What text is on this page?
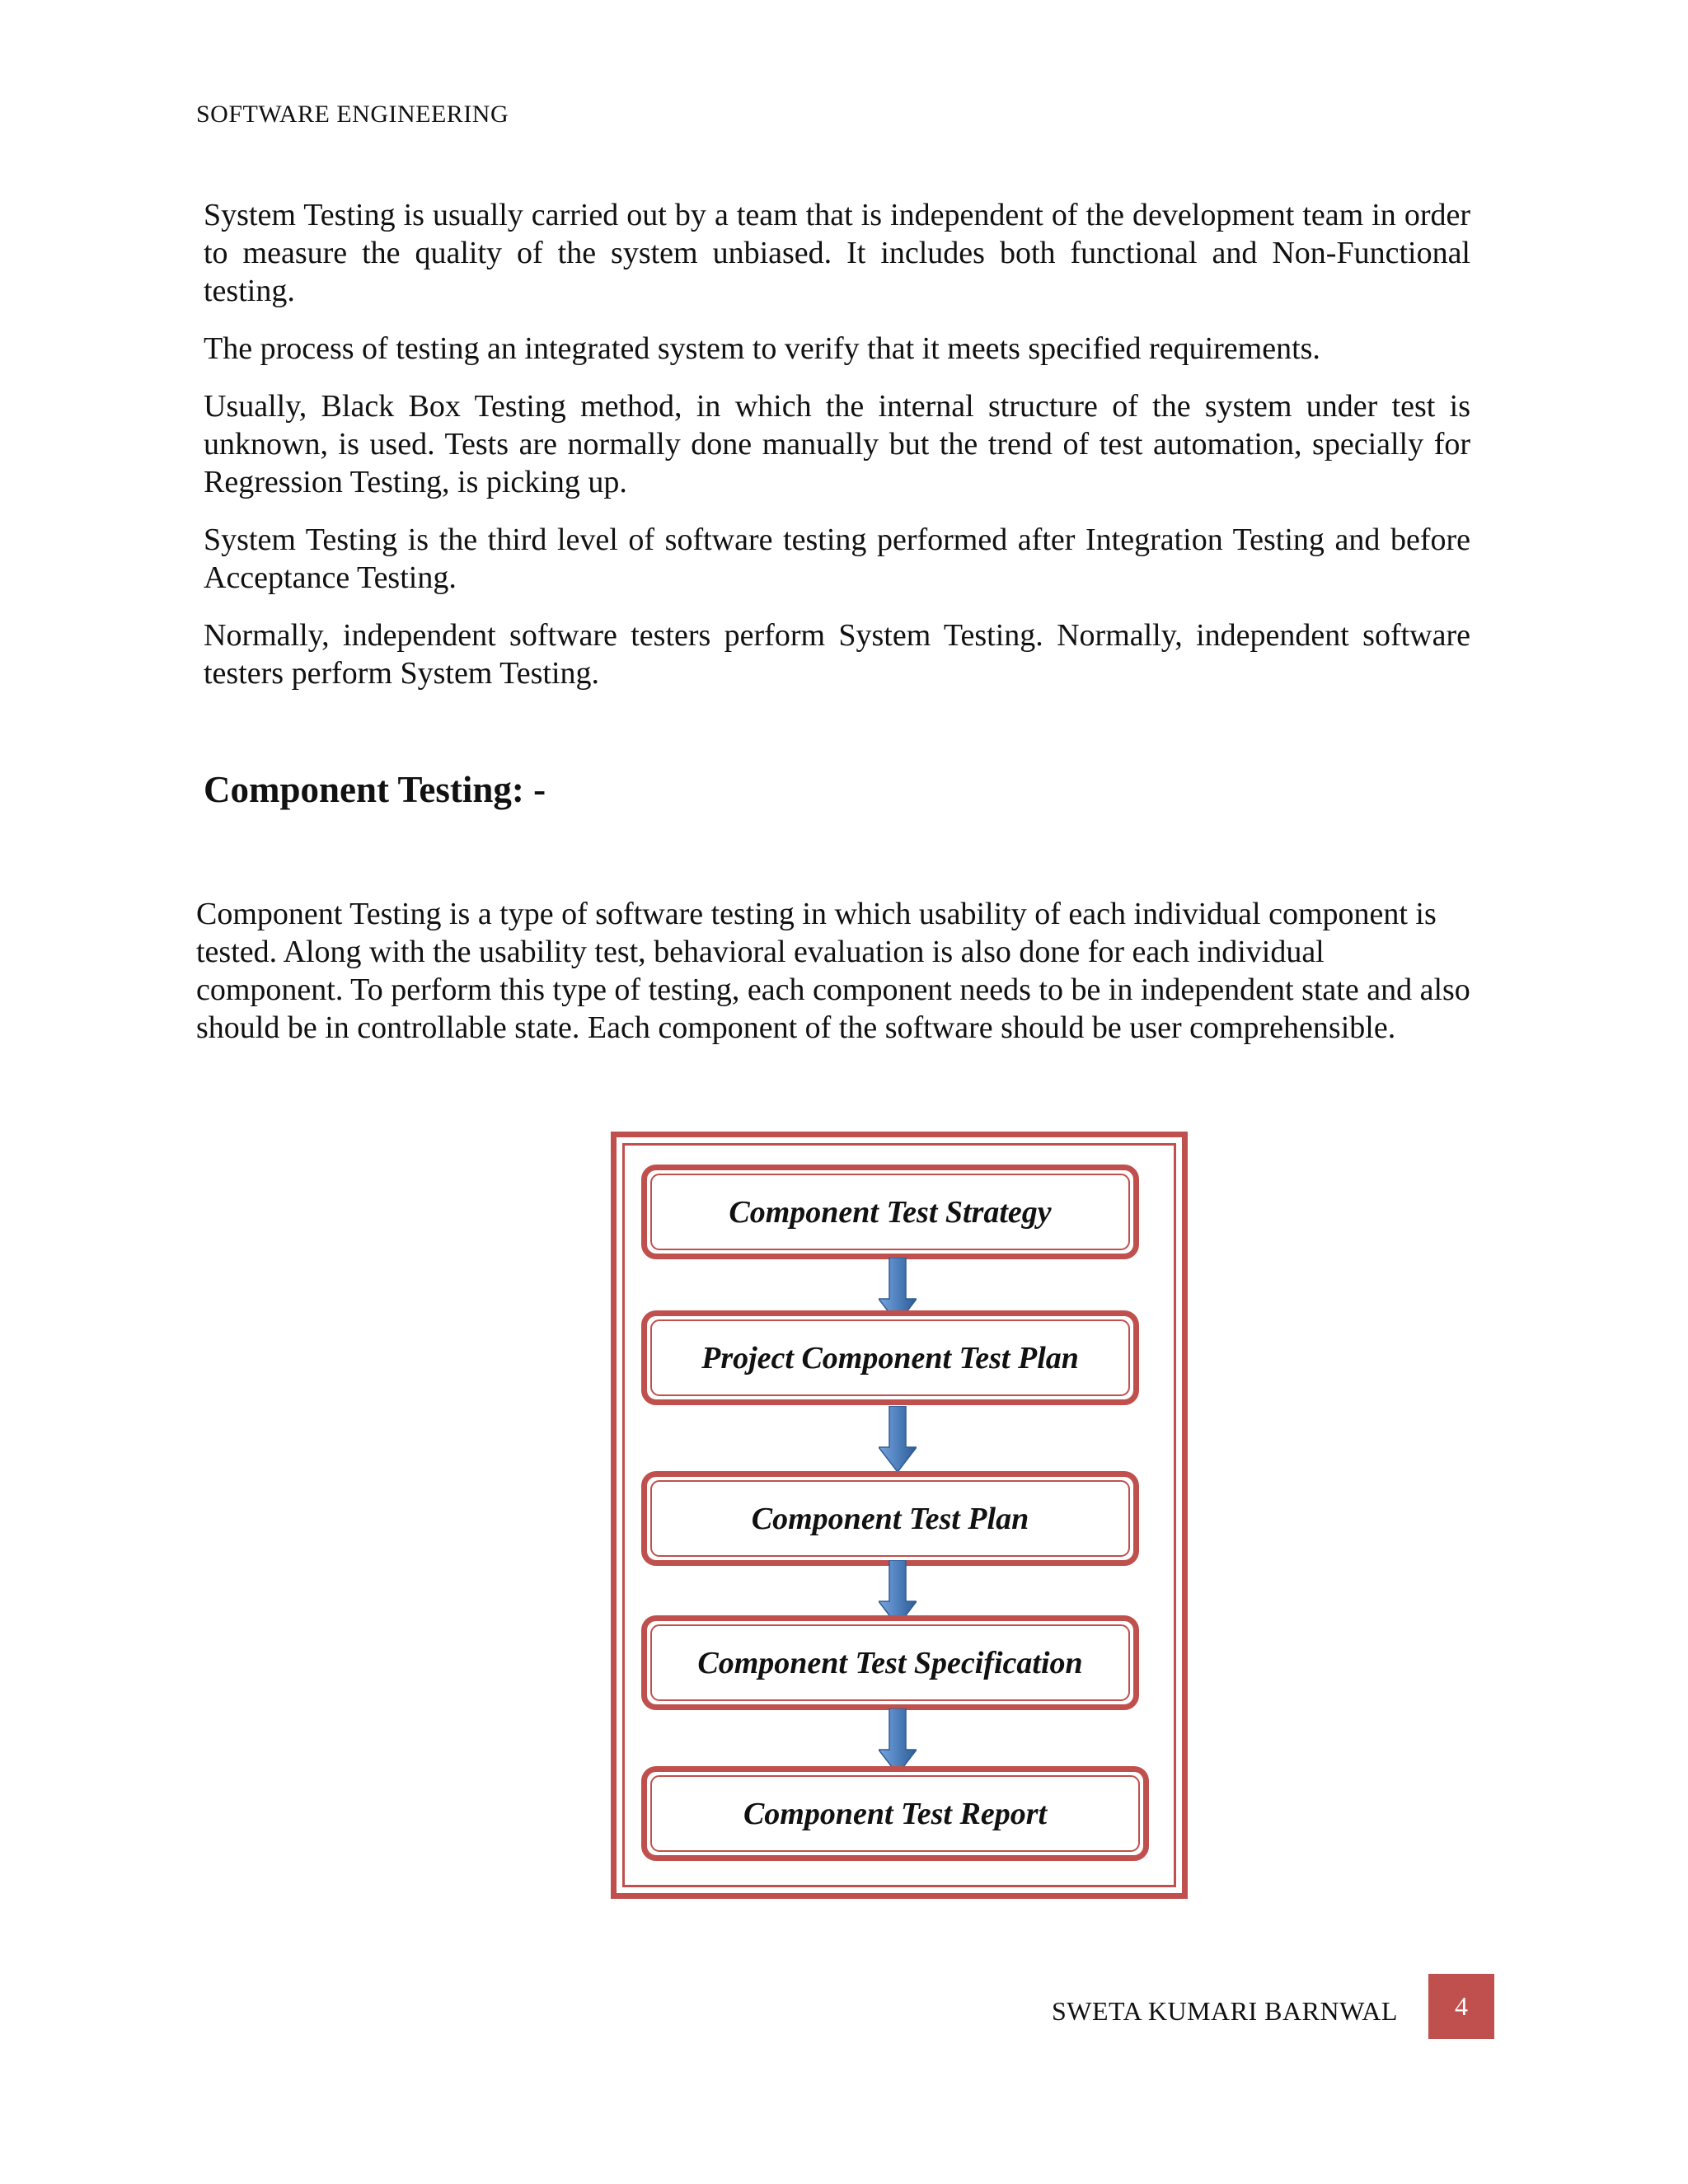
SOFTWARE ENGINEERING

System Testing is usually carried out by a team that is independent of the development team in order to measure the quality of the system unbiased. It includes both functional and Non-Functional testing.

The process of testing an integrated system to verify that it meets specified requirements.

Usually, Black Box Testing method, in which the internal structure of the system under test is unknown, is used. Tests are normally done manually but the trend of test automation, specially for Regression Testing, is picking up.

System Testing is the third level of software testing performed after Integration Testing and before Acceptance Testing.

Normally, independent software testers perform System Testing. Normally, independent software testers perform System Testing.

Component Testing: -

Component Testing is a type of software testing in which usability of each individual component is tested. Along with the usability test, behavioral evaluation is also done for each individual component. To perform this type of testing, each component needs to be in independent state and also should be in controllable state. Each component of the software should be user comprehensible.

Component Test Strategy
Project Component Test Plan
Component Test Plan
Component Test Specification
Component Test Report
SWETA KUMARI BARNWAL	4
